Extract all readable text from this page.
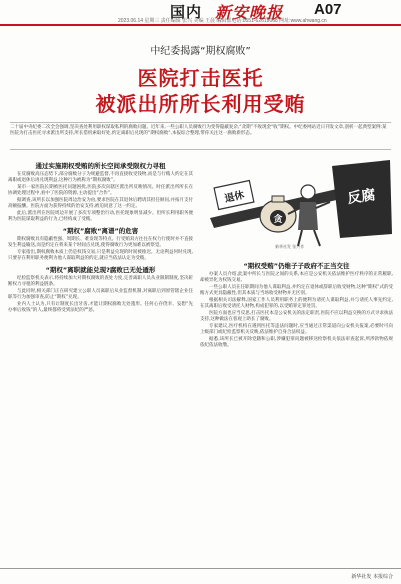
国内 新安晚报 A07
2023.06.14 星期三 责任编辑 张兴 美编 王晨 编辑部电话:0551-62619068 网址:www.ahwang.cn
中纪委揭露“期权腐败”
医院打击医托
被派出所所长利用受贿
二十届中央纪委二次全会强调,坚决查处利用职权谋取私利的腐败问题。近年来,一些公职人员腐败行为变得隐蔽复杂,“贪期”不收现金“收”期权。中纪委网站近日刊发文章,剖析一起典型案例:某医院为打击医托寻求派出所支持,所长借机索取好处,约定离职后兑现的“期权腐败”,本报综合整理,带你关注这一腐败新形态。
通过实施期权受贿的所长空间承受限权力寻租
在反腐败高压态势下,部分腐败分子为规避监督,不再直接收受钱物,而是与行贿人约定在其离职或退休后再兑现利益,这种行为被称为“期权腐败”。
某市一家医院长期被医托问题困扰,医院多次向辖区派出所反映情况。时任派出所所长在协调处理过程中,看中了医院的资源,主动提出“合作”。
据调查,该所长以加强医院周边治安为由,要求医院在其退休后聘请其担任顾问,并按月支付高额报酬。医院方面为获得持续的治安支持,被迫同意了这一约定。
此后,派出所在医院周边开展了多次专项整治行动,医托现象明显减少。但所长利用职务便利为医院谋取利益的行为,已经构成了受贿。
“期权”腐败“离谱”的危害
期权腐败具有隐蔽性强、周期长、难发现等特点。行受贿双方往往在权力行使时并不直接发生利益输送,而是约定在将来某个时间点兑现,使得腐败行为更加难以被察觉。
专家指出,期权腐败本质上仍是权钱交易,只是利益兑现的时间被推迟。无论利益何时兑现,只要存在利用职务便利为他人谋取利益的约定,就应当依法认定为受贿。
“期权”离职就能兑现?腐败已无处遁形
纪检监察机关表示,将持续加大对期权腐败的查处力度,完善离职人员从业限制制度,坚决斩断权力寻租的利益链条。
与此同时,相关部门正在研究建立公职人员离职后从业监督机制,对离职后到原管辖企业任职等行为加强审查,防止“期权”兑现。
业内人士认为,只有让制度长出牙齿,才能让期权腐败无处遁形。任何心存侥幸、妄想“先办事后收钱”的人,最终都将受到法纪的严惩。
反腐
贪
退休
新华社发 张兴作
“期权受贿”仍维子子政府不正当交往
办案人员介绍,此案中所长与医院之间的关系,本应是公安机关依法维护医疗秩序的正常履职,却被异化为权钱交易。
一些公职人员在任职期间为他人谋取利益,并约定在退休或辞职后收受财物,这种“期权”式的受贿方式更具隐蔽性,但其本质与当场收受财物并无区别。
根据相关司法解释,国家工作人员利用职务上的便利为请托人谋取利益,并与请托人事先约定,在其离职后收受请托人财物,构成犯罪的,以受贿罪定罪处罚。
医院方面也应当反思,打击医托本是公安机关的法定职责,医院不应以利益交换的方式寻求执法支持,这种做法在客观上助长了腐败。
专家建议,医疗机构在遇到医托等违法问题时,应当通过正常渠道向公安机关报案,必要时可向上级部门或纪检监察机关反映,依法维护自身合法权益。
据悉,该所长已被开除党籍和公职,涉嫌犯罪问题被移送检察机关依法审查起诉,所涉款物依规依纪依法收缴。
新华社发 本报综合
